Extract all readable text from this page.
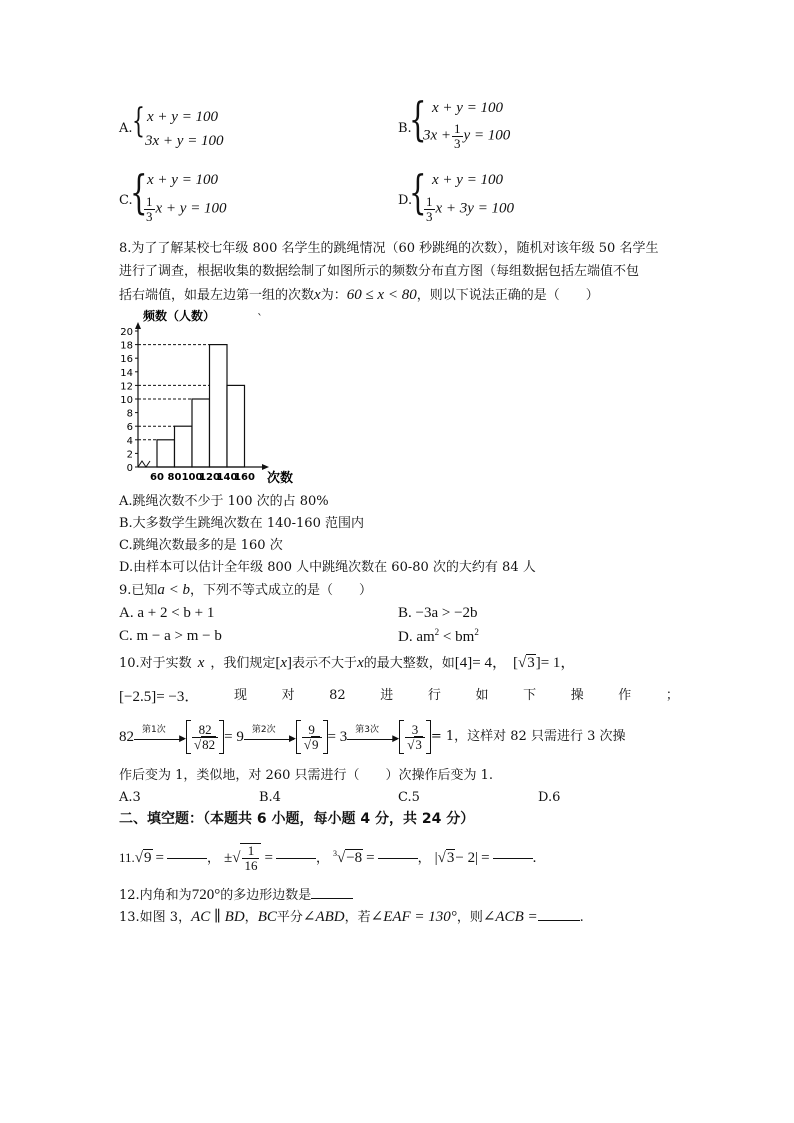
A. { x + y = 100
3x + y = 100
B.
{ x + y = 100
$3x + \frac{1}{3}$ y = 100
C.
{ x + y = 100
$\frac{1}{3}$ x + y = 100
D.
{ x + y = 100
$\frac{1}{3}$ x + 3y = 100
8.为了了解某校七年级 800 名学生的跳绳情况（60 秒跳绳的次数），随机对该年级 50 名学生
进行了调查，根据收集的数据绘制了如图所示的频数分布直方图（每组数据包括左端值不包
括右端值，如最左边第一组的次数x为：60 ≤ x < 80，则以下说法正确的是（　　）
0
2
4
6
8
10
12
14
16
18
20
60 80 100
120
140
160
频数（人数）
次数
ˋ
A.跳绳次数不少于 100 次的占 80%
B.大多数学生跳绳次数在 140-160 范围内
C.跳绳次数最多的是 160 次
D.由样本可以估计全年级 800 人中跳绳次数在 60-80 次的大约有 84 人
9.已知a < b，下列不等式成立的是（　　）
A. a + 2 < b + 1	B. −3a > −2b
C. m − a > m − b	D. $am^2 < bm^2$
10.对于实数 x ，我们规定[x]表示不大于x的最大整数，如[4]= 4， [√3]= 1，
[−2.5]= −3．	现	对	82	进	行	如	下	操	作	；
82 第1次
▶ $\frac{82}{√82} = 9$ 第2次
▶ $\frac{9}{√9} = 3$ 第3次
▶ $\frac{3}{√3} = 1$，这样对 82 只需进行 3 次操
作后变为 1，类似地，对 260 只需进行（　　）次操作后变为 1.
A.3	B.4	C.5	D.6
二、填空题：（本题共 6 小题，每小题 4 分，共 24 分）
11. √9 =	， ± √ $\frac{1}{16}$ =	， $^3$√−8 =	， |√3− 2| =	.
12.内角和为720°的多边形边数是
13.如图 3，AC ∥ BD，BC平分∠ABD，若∠EAF = 130°，则∠ACB =	.
